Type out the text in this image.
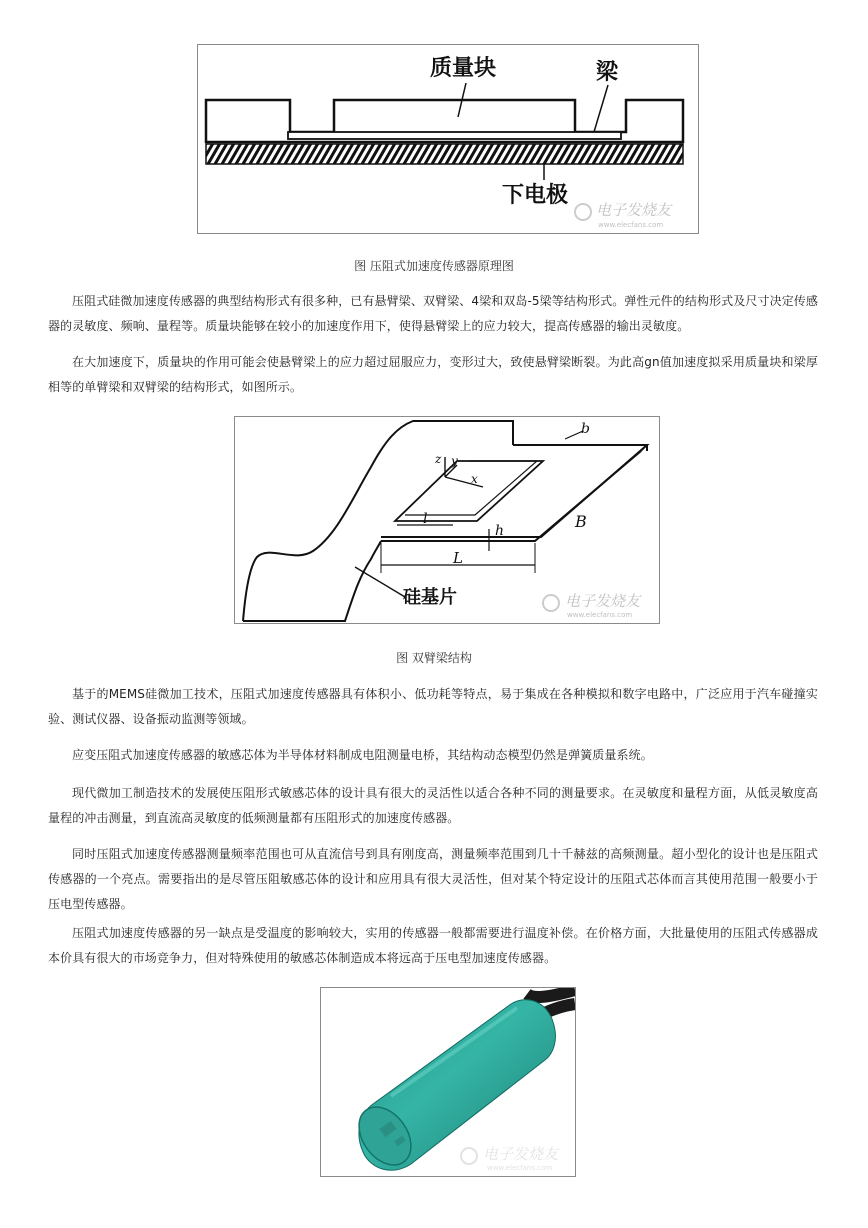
质量块	梁
下电极
电子发烧友
www.elecfans.com
图 压阻式加速度传感器原理图

压阻式硅微加速度传感器的典型结构形式有很多种，已有悬臂梁、双臂梁、4梁和双岛-5梁等结构形式。弹性元件的结构形式及尺寸决定传感器的灵敏度、频响、量程等。质量块能够在较小的加速度作用下，使得悬臂梁上的应力较大，提高传感器的输出灵敏度。

在大加速度下，质量块的作用可能会使悬臂梁上的应力超过屈服应力，变形过大，致使悬臂梁断裂。为此高gn值加速度拟采用质量块和梁厚相等的单臂梁和双臂梁的结构形式，如图所示。

z y
x
l
h
b
B
L
硅基片	电子发烧友
www.elecfans.com
图 双臂梁结构

基于的MEMS硅微加工技术，压阻式加速度传感器具有体积小、低功耗等特点，易于集成在各种模拟和数字电路中，广泛应用于汽车碰撞实验、测试仪器、设备振动监测等领域。

应变压阻式加速度传感器的敏感芯体为半导体材料制成电阻测量电桥，其结构动态模型仍然是弹簧质量系统。

现代微加工制造技术的发展使压阻形式敏感芯体的设计具有很大的灵活性以适合各种不同的测量要求。在灵敏度和量程方面，从低灵敏度高量程的冲击测量，到直流高灵敏度的低频测量都有压阻形式的加速度传感器。

同时压阻式加速度传感器测量频率范围也可从直流信号到具有刚度高，测量频率范围到几十千赫兹的高频测量。超小型化的设计也是压阻式传感器的一个亮点。需要指出的是尽管压阻敏感芯体的设计和应用具有很大灵活性，但对某个特定设计的压阻式芯体而言其使用范围一般要小于压电型传感器。

压阻式加速度传感器的另一缺点是受温度的影响较大，实用的传感器一般都需要进行温度补偿。在价格方面，大批量使用的压阻式传感器成本价具有很大的市场竞争力，但对特殊使用的敏感芯体制造成本将远高于压电型加速度传感器。

电子发烧友
www.elecfans.com
